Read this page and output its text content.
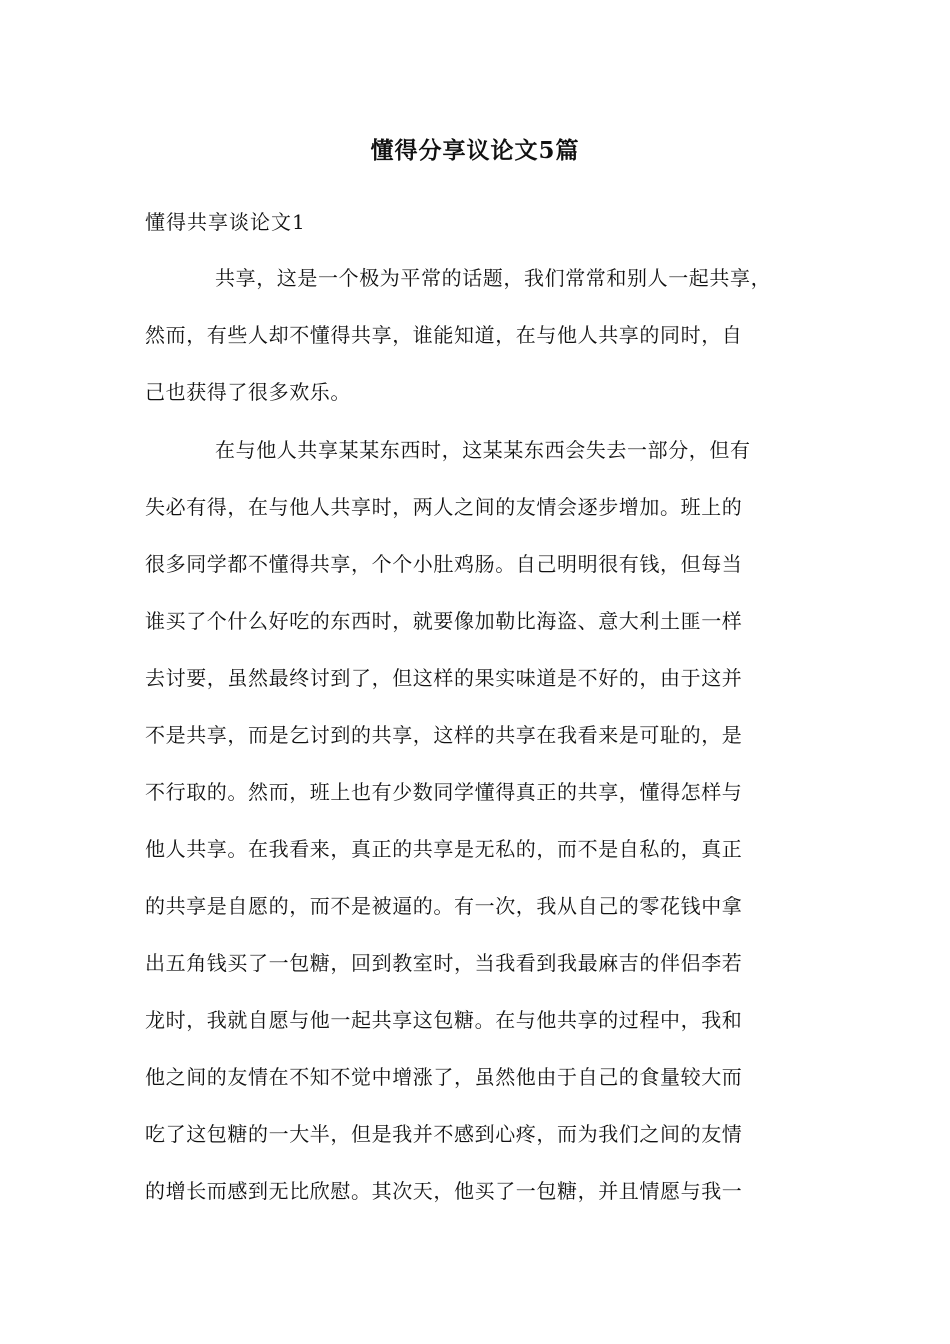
懂得分享议论文5篇
懂得共享谈论文1
共享，这是一个极为平常的话题，我们常常和别人一起共享，
然而，有些人却不懂得共享，谁能知道，在与他人共享的同时，自
己也获得了很多欢乐。
在与他人共享某某东西时，这某某东西会失去一部分，但有
失必有得，在与他人共享时，两人之间的友情会逐步增加。班上的
很多同学都不懂得共享，个个小肚鸡肠。自己明明很有钱，但每当
谁买了个什么好吃的东西时，就要像加勒比海盗、意大利土匪一样
去讨要，虽然最终讨到了，但这样的果实味道是不好的，由于这并
不是共享，而是乞讨到的共享，这样的共享在我看来是可耻的，是
不行取的。然而，班上也有少数同学懂得真正的共享，懂得怎样与
他人共享。在我看来，真正的共享是无私的，而不是自私的，真正
的共享是自愿的，而不是被逼的。有一次，我从自己的零花钱中拿
出五角钱买了一包糖，回到教室时，当我看到我最麻吉的伴侣李若
龙时，我就自愿与他一起共享这包糖。在与他共享的过程中，我和
他之间的友情在不知不觉中增涨了，虽然他由于自己的食量较大而
吃了这包糖的一大半，但是我并不感到心疼，而为我们之间的友情
的增长而感到无比欣慰。其次天，他买了一包糖，并且情愿与我一
